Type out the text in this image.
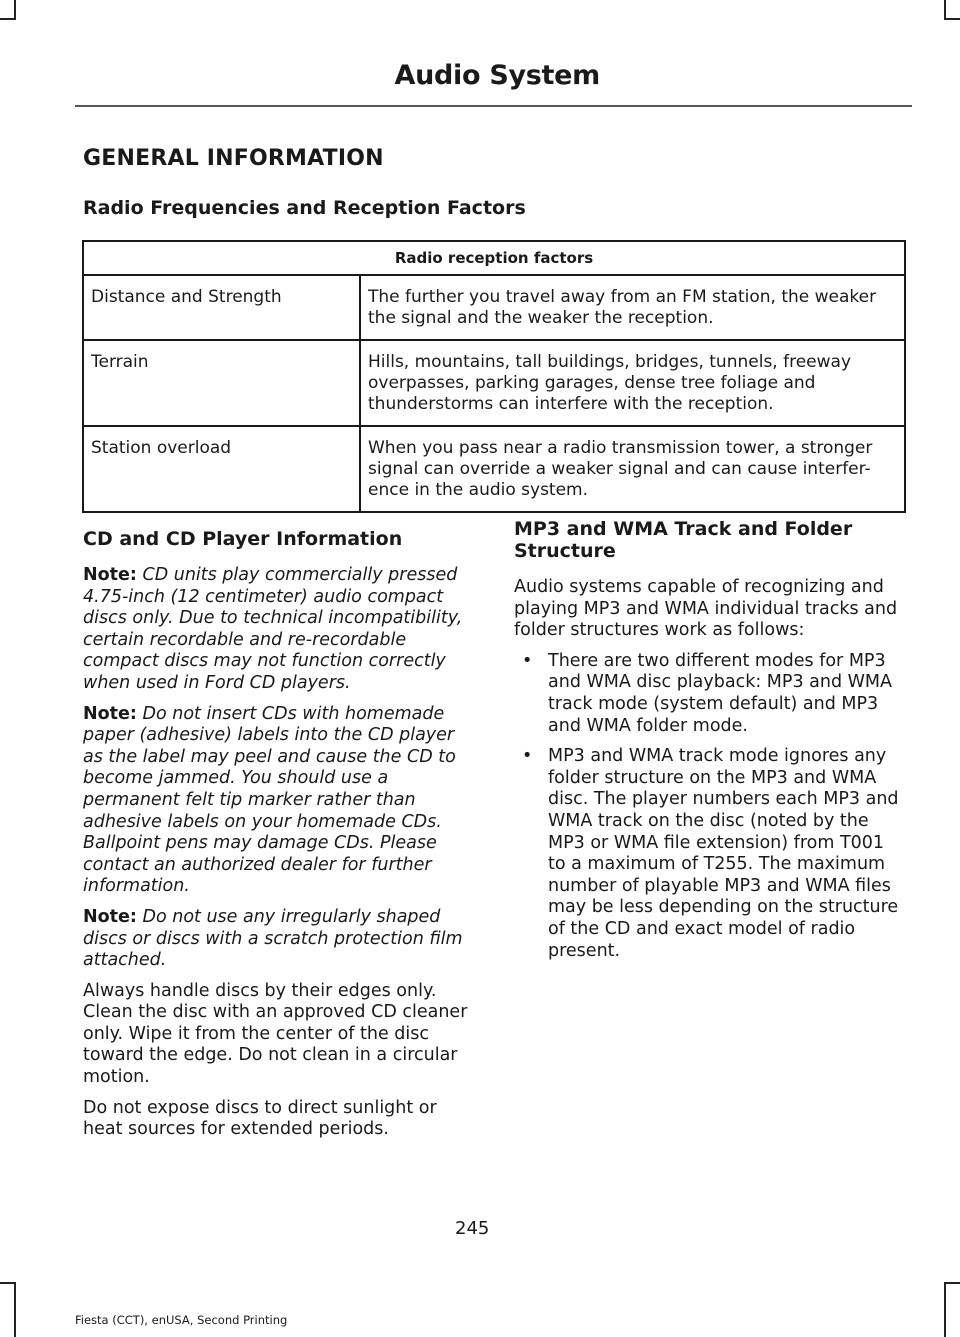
Audio System
GENERAL INFORMATION
Radio Frequencies and Reception Factors
Radio reception factors	
Distance and Strength	The further you travel away from an FM station, the weaker the signal and the weaker the reception.
Terrain	Hills, mountains, tall buildings, bridges, tunnels, freeway overpasses, parking garages, dense tree foliage and thunderstorms can interfere with the reception.
Station overload	When you pass near a radio transmission tower, a stronger signal can override a weaker signal and can cause interfer-ence in the audio system.
CD and CD Player Information

Note: CD units play commercially pressed 4.75-inch (12 centimeter) audio compact discs only. Due to technical incompatibility, certain recordable and re-recordable compact discs may not function correctly when used in Ford CD players.

Note: Do not insert CDs with homemade paper (adhesive) labels into the CD player as the label may peel and cause the CD to become jammed. You should use a permanent felt tip marker rather than adhesive labels on your homemade CDs. Ballpoint pens may damage CDs. Please contact an authorized dealer for further information.

Note: Do not use any irregularly shaped discs or discs with a scratch protection film attached.

Always handle discs by their edges only. Clean the disc with an approved CD cleaner only. Wipe it from the center of the disc toward the edge. Do not clean in a circular motion.

Do not expose discs to direct sunlight or heat sources for extended periods.

MP3 and WMA Track and Folder Structure

Audio systems capable of recognizing and playing MP3 and WMA individual tracks and folder structures work as follows:

• There are two different modes for MP3 and WMA disc playback: MP3 and WMA track mode (system default) and MP3 and WMA folder mode.
• MP3 and WMA track mode ignores any folder structure on the MP3 and WMA disc. The player numbers each MP3 and WMA track on the disc (noted by the MP3 or WMA file extension) from T001 to a maximum of T255. The maximum number of playable MP3 and WMA files may be less depending on the structure of the CD and exact model of radio present.
245
Fiesta (CCT), enUSA, Second Printing
